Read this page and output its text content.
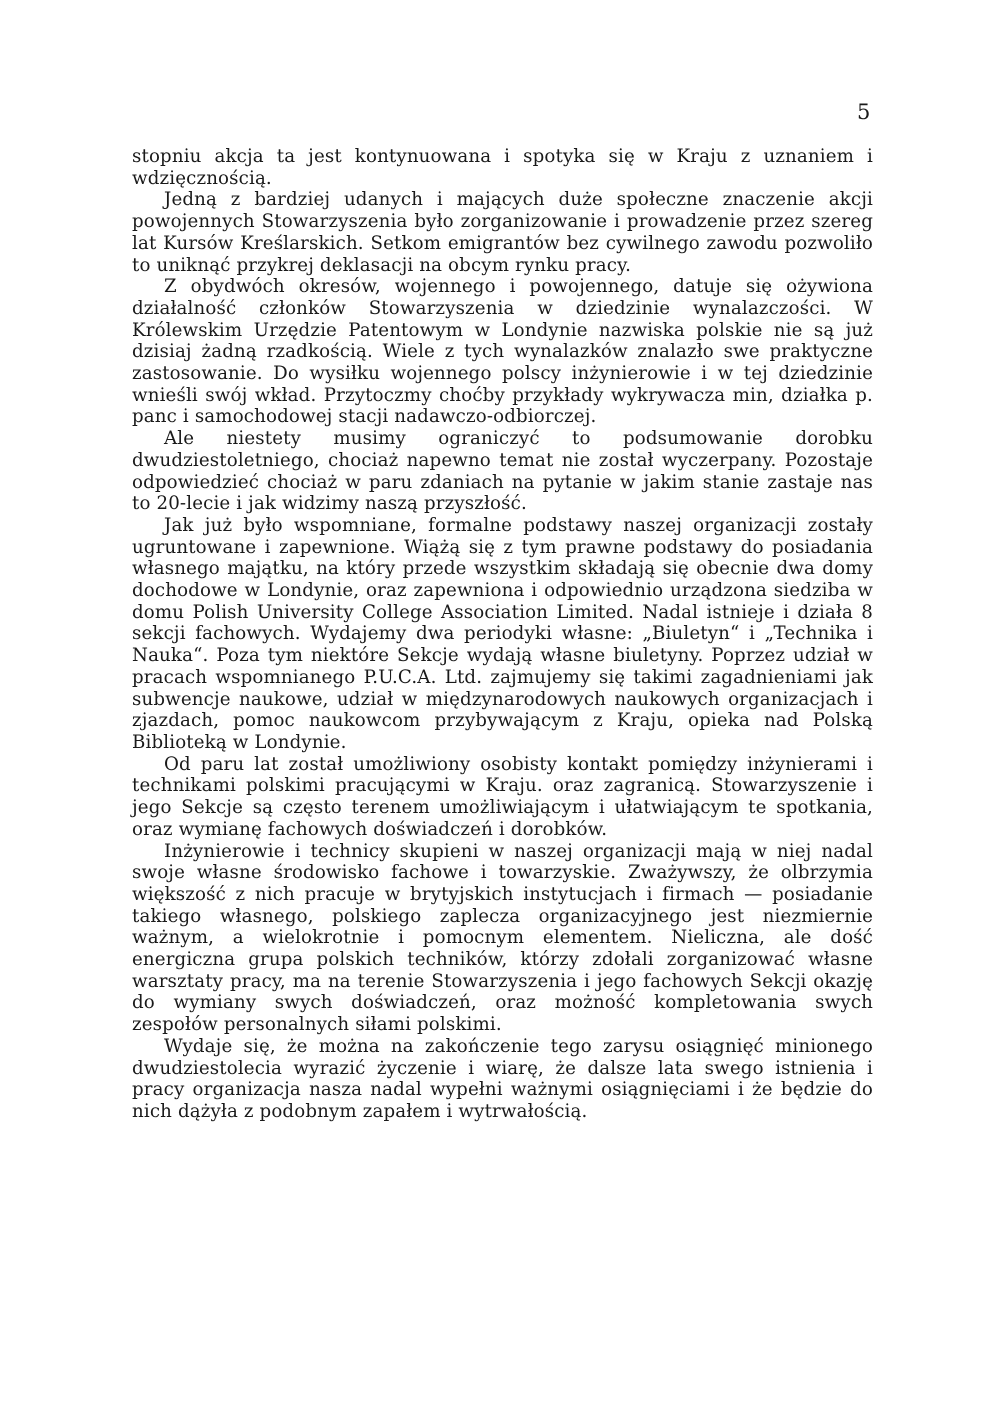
5

stopniu akcja ta jest kontynuowana i spotyka się w Kraju z uznaniem i wdzięcznością.

Jedną z bardziej udanych i mających duże społeczne znaczenie akcji powojennych Stowarzyszenia było zorganizowanie i prowadzenie przez szereg lat Kursów Kreślarskich. Setkom emigrantów bez cywilnego zawodu pozwoliło to uniknąć przykrej deklasacji na obcym rynku pracy.

Z obydwóch okresów, wojennego i powojennego, datuje się ożywiona działalność członków Stowarzyszenia w dziedzinie wynalazczości. W Królewskim Urzędzie Patentowym w Londynie nazwiska polskie nie są już dzisiaj żadną rzadkością. Wiele z tych wynalazków znalazło swe praktyczne zastosowanie. Do wysiłku wojennego polscy inżynierowie i w tej dziedzinie wnieśli swój wkład. Przytoczmy choćby przykłady wykrywacza min, działka p. panc i samochodowej stacji nadawczo-odbiorczej.

Ale niestety musimy ograniczyć to podsumowanie dorobku dwudziestoletniego, chociaż napewno temat nie został wyczerpany. Pozostaje odpowiedzieć chociaż w paru zdaniach na pytanie w jakim stanie zastaje nas to 20-lecie i jak widzimy naszą przyszłość.

Jak już było wspomniane, formalne podstawy naszej organizacji zostały ugruntowane i zapewnione. Wiążą się z tym prawne podstawy do posiadania własnego majątku, na który przede wszystkim składają się obecnie dwa domy dochodowe w Londynie, oraz zapewniona i odpowiednio urządzona siedziba w domu Polish University College Association Limited. Nadal istnieje i działa 8 sekcji fachowych. Wydajemy dwa periodyki własne: „Biuletyn“ i „Technika i Nauka“. Poza tym niektóre Sekcje wydają własne biuletyny. Poprzez udział w pracach wspomnianego P.U.C.A. Ltd. zajmujemy się takimi zagadnieniami jak subwencje naukowe, udział w międzynarodowych naukowych organizacjach i zjazdach, pomoc naukowcom przybywającym z Kraju, opieka nad Polską Biblioteką w Londynie.

Od paru lat został umożliwiony osobisty kontakt pomiędzy inżynierami i technikami polskimi pracującymi w Kraju. oraz zagranicą. Stowarzyszenie i jego Sekcje są często terenem umożliwiającym i ułatwiającym te spotkania, oraz wymianę fachowych doświadczeń i dorobków.

Inżynierowie i technicy skupieni w naszej organizacji mają w niej nadal swoje własne środowisko fachowe i towarzyskie. Zważywszy, że olbrzymia większość z nich pracuje w brytyjskich instytucjach i firmach — posiadanie takiego własnego, polskiego zaplecza organizacyjnego jest niezmiernie ważnym, a wielokrotnie i pomocnym elementem. Nieliczna, ale dość energiczna grupa polskich techników, którzy zdołali zorganizować własne warsztaty pracy, ma na terenie Stowarzyszenia i jego fachowych Sekcji okazję do wymiany swych doświadczeń, oraz możność kompletowania swych zespołów personalnych siłami polskimi.

Wydaje się, że można na zakończenie tego zarysu osiągnięć minionego dwudziestolecia wyrazić życzenie i wiarę, że dalsze lata swego istnienia i pracy organizacja nasza nadal wypełni ważnymi osiągnięciami i że będzie do nich dążyła z podobnym zapałem i wytrwałością.
